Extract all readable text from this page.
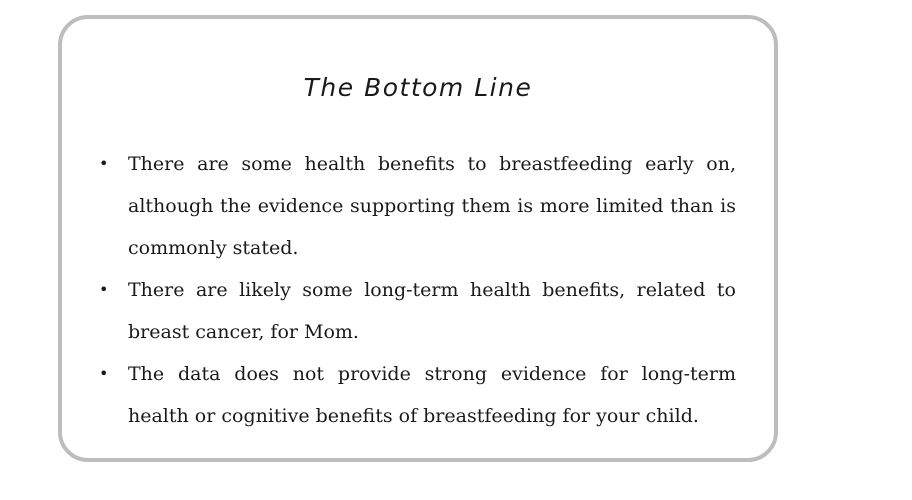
The Bottom Line
• There are some health benefits to breastfeeding early on, although the evidence supporting them is more limited than is commonly stated.
• There are likely some long-term health benefits, related to breast cancer, for Mom.
• The data does not provide strong evidence for long-term health or cognitive benefits of breastfeeding for your child.
